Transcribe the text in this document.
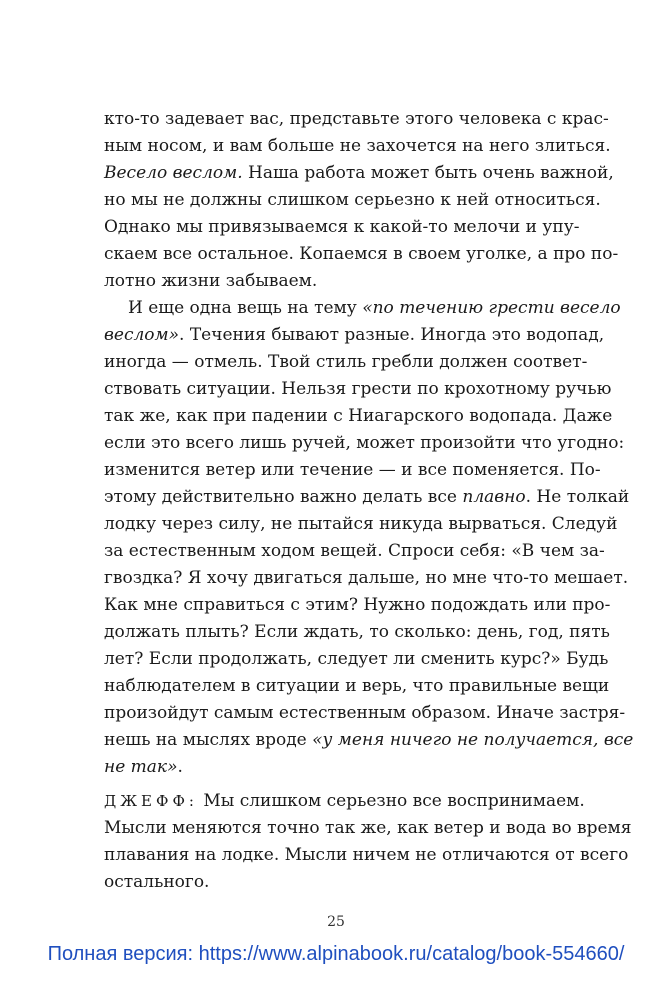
кто-то задевает вас, представьте этого человека с крас-
ным носом, и вам больше не захочется на него злиться.
Весело веслом. Наша работа может быть очень важной,
но мы не должны слишком серьезно к ней относиться.
Однако мы привязываемся к какой-то мелочи и упу-
скаем все остальное. Копаемся в своем уголке, а про по-
лотно жизни забываем.
И еще одна вещь на тему «по течению грести весело
веслом». Течения бывают разные. Иногда это водопад,
иногда — отмель. Твой стиль гребли должен соответ-
ствовать ситуации. Нельзя грести по крохотному ручью
так же, как при падении с Ниагарского водопада. Даже
если это всего лишь ручей, может произойти что угодно:
изменится ветер или течение — и все поменяется. По-
этому действительно важно делать все плавно. Не толкай
лодку через силу, не пытайся никуда вырваться. Следуй
за естественным ходом вещей. Спроси себя: «В чем за-
гвоздка? Я хочу двигаться дальше, но мне что-то мешает.
Как мне справиться с этим? Нужно подождать или про-
должать плыть? Если ждать, то сколько: день, год, пять
лет? Если продолжать, следует ли сменить курс?» Будь
наблюдателем в ситуации и верь, что правильные вещи
произойдут самым естественным образом. Иначе застря-
нешь на мыслях вроде «у меня ничего не получается, все
не так».
ДЖЕФФ: Мы слишком серьезно все воспринимаем.
Мысли меняются точно так же, как ветер и вода во время
плавания на лодке. Мысли ничем не отличаются от всего
остального.
25
Полная версия: https://www.alpinabook.ru/catalog/book-554660/
